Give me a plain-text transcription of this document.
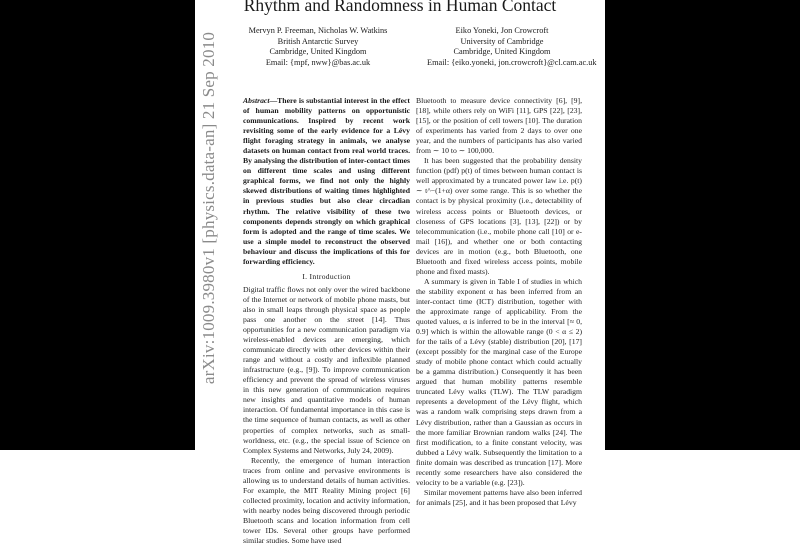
Rhythm and Randomness in Human Contact
Mervyn P. Freeman, Nicholas W. Watkins
British Antarctic Survey
Cambridge, United Kingdom
Email: {mpf, nww}@bas.ac.uk
Eiko Yoneki, Jon Crowcroft
University of Cambridge
Cambridge, United Kingdom
Email: {eiko.yoneki, jon.crowcroft}@cl.cam.ac.uk
arXiv:1009.3980v1 [physics.data-an] 21 Sep 2010	Abstract—There is substantial interest in the effect of human mobility patterns on opportunistic communications. Inspired by recent work revisiting some of the early evidence for a Lévy flight foraging strategy in animals, we analyse datasets on human contact from real world traces. By analysing the distribution of inter-contact times on different time scales and using different graphical forms, we find not only the highly skewed distributions of waiting times highlighted in previous studies but also clear circadian rhythm. The relative visibility of these two components depends strongly on which graphical form is adopted and the range of time scales. We use a simple model to reconstruct the observed behaviour and discuss the implications of this for forwarding efficiency.
I. Introduction

Digital traffic flows not only over the wired backbone of the Internet or network of mobile phone masts, but also in small leaps through physical space as people pass one another on the street [14]. Thus opportunities for a new communication paradigm via wireless-enabled devices are emerging, which communicate directly with other devices within their range and without a costly and inflexible planned infrastructure (e.g., [9]). To improve communication efficiency and prevent the spread of wireless viruses in this new generation of communication requires new insights and quantitative models of human interaction. Of fundamental importance in this case is the time sequence of human contacts, as well as other properties of complex networks, such as small-worldness, etc. (e.g., the special issue of Science on Complex Systems and Networks, July 24, 2009).

Recently, the emergence of human interaction traces from online and pervasive environments is allowing us to understand details of human activities. For example, the MIT Reality Mining project [6] collected proximity, location and activity information, with nearby nodes being discovered through periodic Bluetooth scans and location information from cell tower IDs. Several other groups have performed similar studies. Some have used

Bluetooth to measure device connectivity [6], [9], [18], while others rely on WiFi [11], GPS [22], [23], [15], or the position of cell towers [10]. The duration of experiments has varied from 2 days to over one year, and the numbers of participants has also varied from ∼ 10 to ∼ 100,000.

It has been suggested that the probability density function (pdf) p(t) of times between human contact is well approximated by a truncated power law i.e. p(t) ∼ t^−(1+α) over some range. This is so whether the contact is by physical proximity (i.e., detectability of wireless access points or Bluetooth devices, or closeness of GPS locations [3], [13], [22]) or by telecommunication (i.e., mobile phone call [10] or e-mail [16]), and whether one or both contacting devices are in motion (e.g., both Bluetooth, one Bluetooth and fixed wireless access points, mobile phone and fixed masts).

A summary is given in Table I of studies in which the stability exponent α has been inferred from an inter-contact time (ICT) distribution, together with the approximate range of applicability. From the quoted values, α is inferred to be in the interval [≈ 0, 0.9] which is within the allowable range (0 < α ≤ 2) for the tails of a Lévy (stable) distribution [20], [17] (except possibly for the marginal case of the Europe study of mobile phone contact which could actually be a gamma distribution.) Consequently it has been argued that human mobility patterns resemble truncated Lévy walks (TLW). The TLW paradigm represents a development of the Lévy flight, which was a random walk comprising steps drawn from a Lévy distribution, rather than a Gaussian as occurs in the more familiar Brownian random walks [24]. The first modification, to a finite constant velocity, was dubbed a Lévy walk. Subsequently the limitation to a finite domain was described as truncation [17]. More recently some researchers have also considered the velocity to be a variable (e.g. [23]).

Similar movement patterns have also been inferred for animals [25], and it has been proposed that Lévy
